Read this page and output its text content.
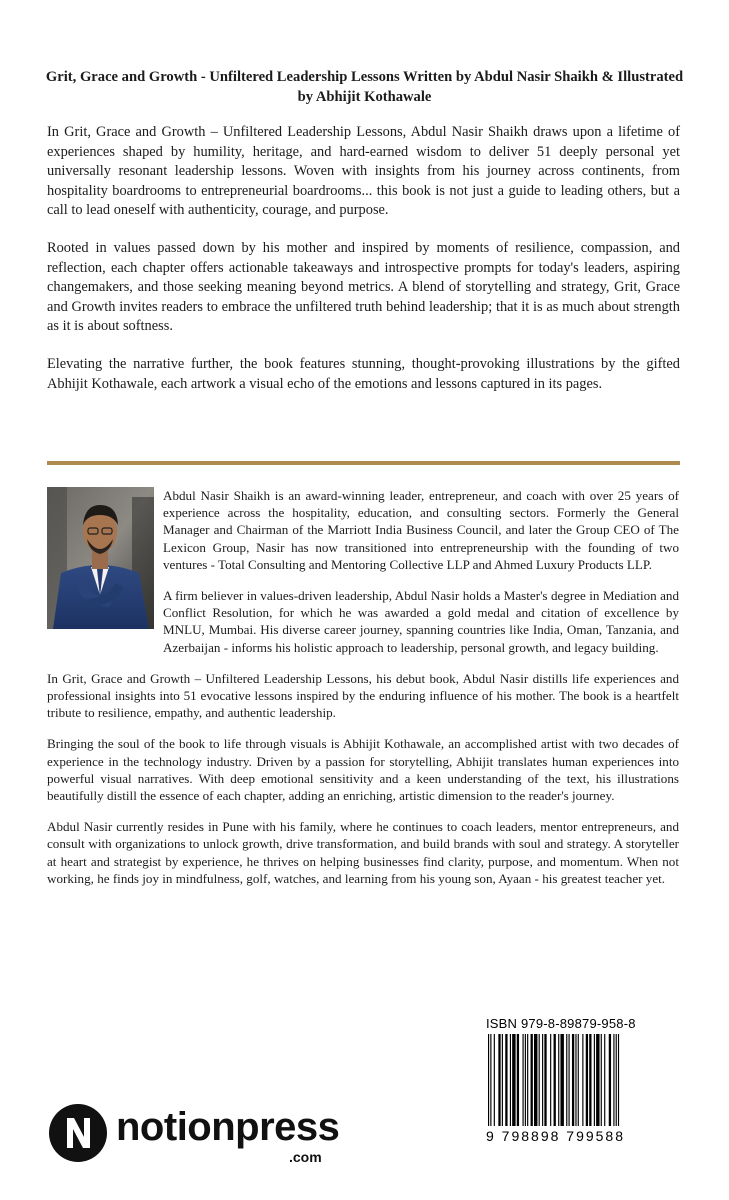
Grit, Grace and Growth - Unfiltered Leadership Lessons Written by Abdul Nasir Shaikh & Illustrated by Abhijit Kothawale

In Grit, Grace and Growth – Unfiltered Leadership Lessons, Abdul Nasir Shaikh draws upon a lifetime of experiences shaped by humility, heritage, and hard-earned wisdom to deliver 51 deeply personal yet universally resonant leadership lessons. Woven with insights from his journey across continents, from hospitality boardrooms to entrepreneurial boardrooms... this book is not just a guide to leading others, but a call to lead oneself with authenticity, courage, and purpose.

Rooted in values passed down by his mother and inspired by moments of resilience, compassion, and reflection, each chapter offers actionable takeaways and introspective prompts for today's leaders, aspiring changemakers, and those seeking meaning beyond metrics. A blend of storytelling and strategy, Grit, Grace and Growth invites readers to embrace the unfiltered truth behind leadership; that it is as much about strength as it is about softness.

Elevating the narrative further, the book features stunning, thought-provoking illustrations by the gifted Abhijit Kothawale, each artwork a visual echo of the emotions and lessons captured in its pages.

Abdul Nasir Shaikh is an award-winning leader, entrepreneur, and coach with over 25 years of experience across the hospitality, education, and consulting sectors. Formerly the General Manager and Chairman of the Marriott India Business Council, and later the Group CEO of The Lexicon Group, Nasir has now transitioned into entrepreneurship with the founding of two ventures - Total Consulting and Mentoring Collective LLP and Ahmed Luxury Products LLP.

A firm believer in values-driven leadership, Abdul Nasir holds a Master's degree in Mediation and Conflict Resolution, for which he was awarded a gold medal and citation of excellence by MNLU, Mumbai. His diverse career journey, spanning countries like India, Oman, Tanzania, and Azerbaijan - informs his holistic approach to leadership, personal growth, and legacy building.

In Grit, Grace and Growth – Unfiltered Leadership Lessons, his debut book, Abdul Nasir distills life experiences and professional insights into 51 evocative lessons inspired by the enduring influence of his mother. The book is a heartfelt tribute to resilience, empathy, and authentic leadership.

Bringing the soul of the book to life through visuals is Abhijit Kothawale, an accomplished artist with two decades of experience in the technology industry. Driven by a passion for storytelling, Abhijit translates human experiences into powerful visual narratives. With deep emotional sensitivity and a keen understanding of the text, his illustrations beautifully distill the essence of each chapter, adding an enriching, artistic dimension to the reader's journey.

Abdul Nasir currently resides in Pune with his family, where he continues to coach leaders, mentor entrepreneurs, and consult with organizations to unlock growth, drive transformation, and build brands with soul and strategy. A storyteller at heart and strategist by experience, he thrives on helping businesses find clarity, purpose, and momentum. When not working, he finds joy in mindfulness, golf, watches, and learning from his young son, Ayaan - his greatest teacher yet.

ISBN 979-8-89879-958-8
9 798898 799588
notionpress
.com
